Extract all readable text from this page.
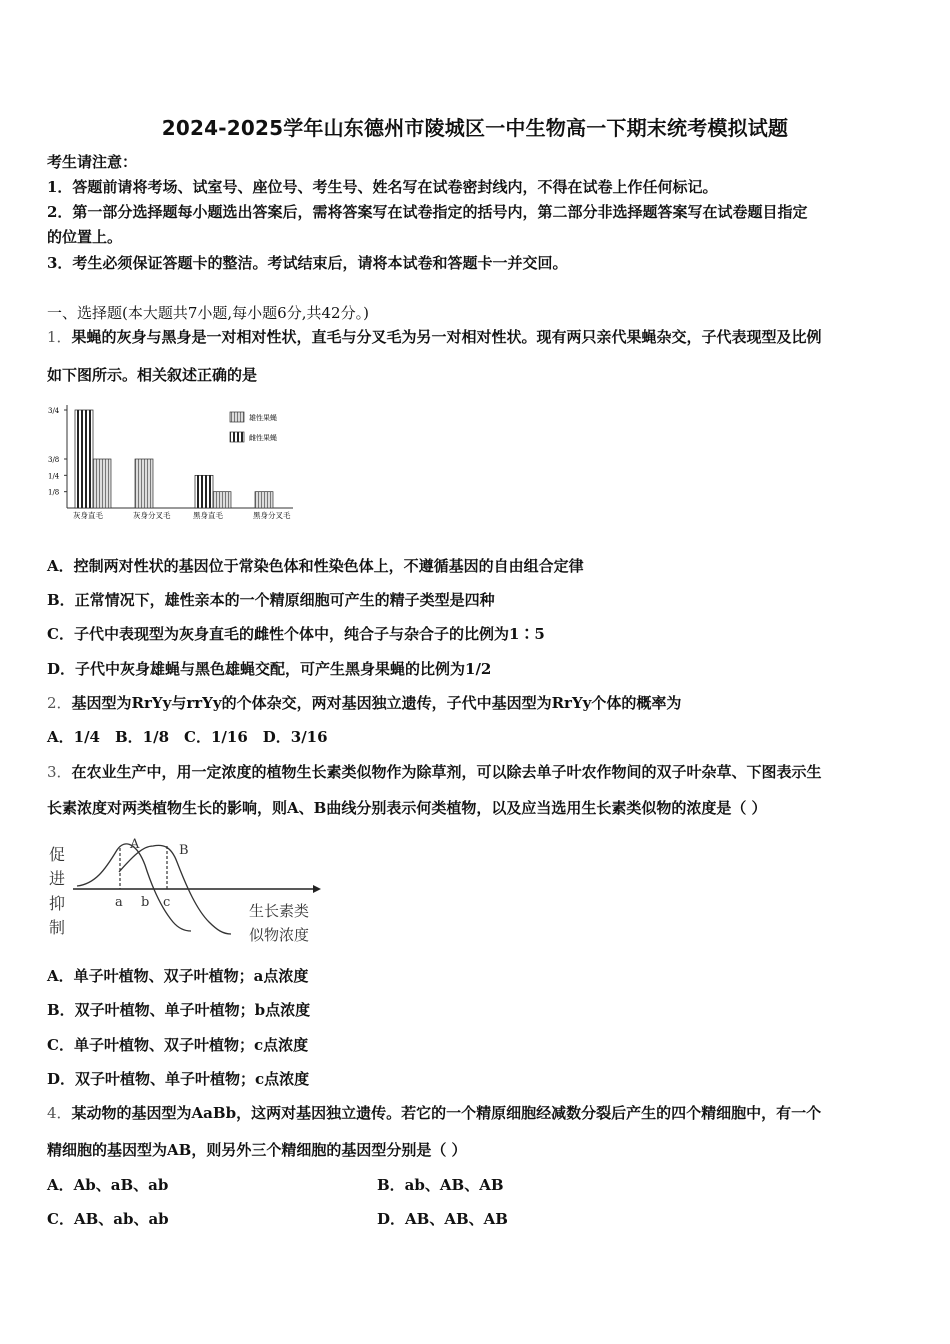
2024-2025学年山东德州市陵城区一中生物高一下期末统考模拟试题
考生请注意：
1．答题前请将考场、试室号、座位号、考生号、姓名写在试卷密封线内，不得在试卷上作任何标记。
2．第一部分选择题每小题选出答案后，需将答案写在试卷指定的括号内，第二部分非选择题答案写在试卷题目指定
的位置上。
3．考生必须保证答题卡的整洁。考试结束后，请将本试卷和答题卡一并交回。
一、选择题(本大题共7小题,每小题6分,共42分。)
1．果蝇的灰身与黑身是一对相对性状，直毛与分叉毛为另一对相对性状。现有两只亲代果蝇杂交，子代表现型及比例
如下图所示。相关叙述正确的是
1/8
1/4
3/8
3/4
灰身直毛	灰身分叉毛	黑身直毛	黑身分叉毛
雄性果蝇
雌性果蝇
A．控制两对性状的基因位于常染色体和性染色体上，不遵循基因的自由组合定律
B．正常情况下，雄性亲本的一个精原细胞可产生的精子类型是四种
C．子代中表现型为灰身直毛的雌性个体中，纯合子与杂合子的比例为1∶5
D．子代中灰身雄蝇与黑色雄蝇交配，可产生黑身果蝇的比例为1/2
2．基因型为RrYy与rrYy的个体杂交，两对基因独立遗传，子代中基因型为RrYy个体的概率为
A．1/4　B．1/8　C．1/16　D．3/16
3．在农业生产中，用一定浓度的植物生长素类似物作为除草剂，可以除去单子叶农作物间的双子叶杂草、下图表示生
长素浓度对两类植物生长的影响，则A、B曲线分别表示何类植物，以及应当选用生长素类似物的浓度是（ ）
促
进
抑
制
A	B
a b c	生长素类
似物浓度
A．单子叶植物、双子叶植物；a点浓度
B．双子叶植物、单子叶植物；b点浓度
C．单子叶植物、双子叶植物；c点浓度
D．双子叶植物、单子叶植物；c点浓度
4．某动物的基因型为AaBb，这两对基因独立遗传。若它的一个精原细胞经减数分裂后产生的四个精细胞中，有一个
精细胞的基因型为AB，则另外三个精细胞的基因型分别是（ ）
A．Ab、aB、ab	B．ab、AB、AB
C．AB、ab、ab	D．AB、AB、AB
